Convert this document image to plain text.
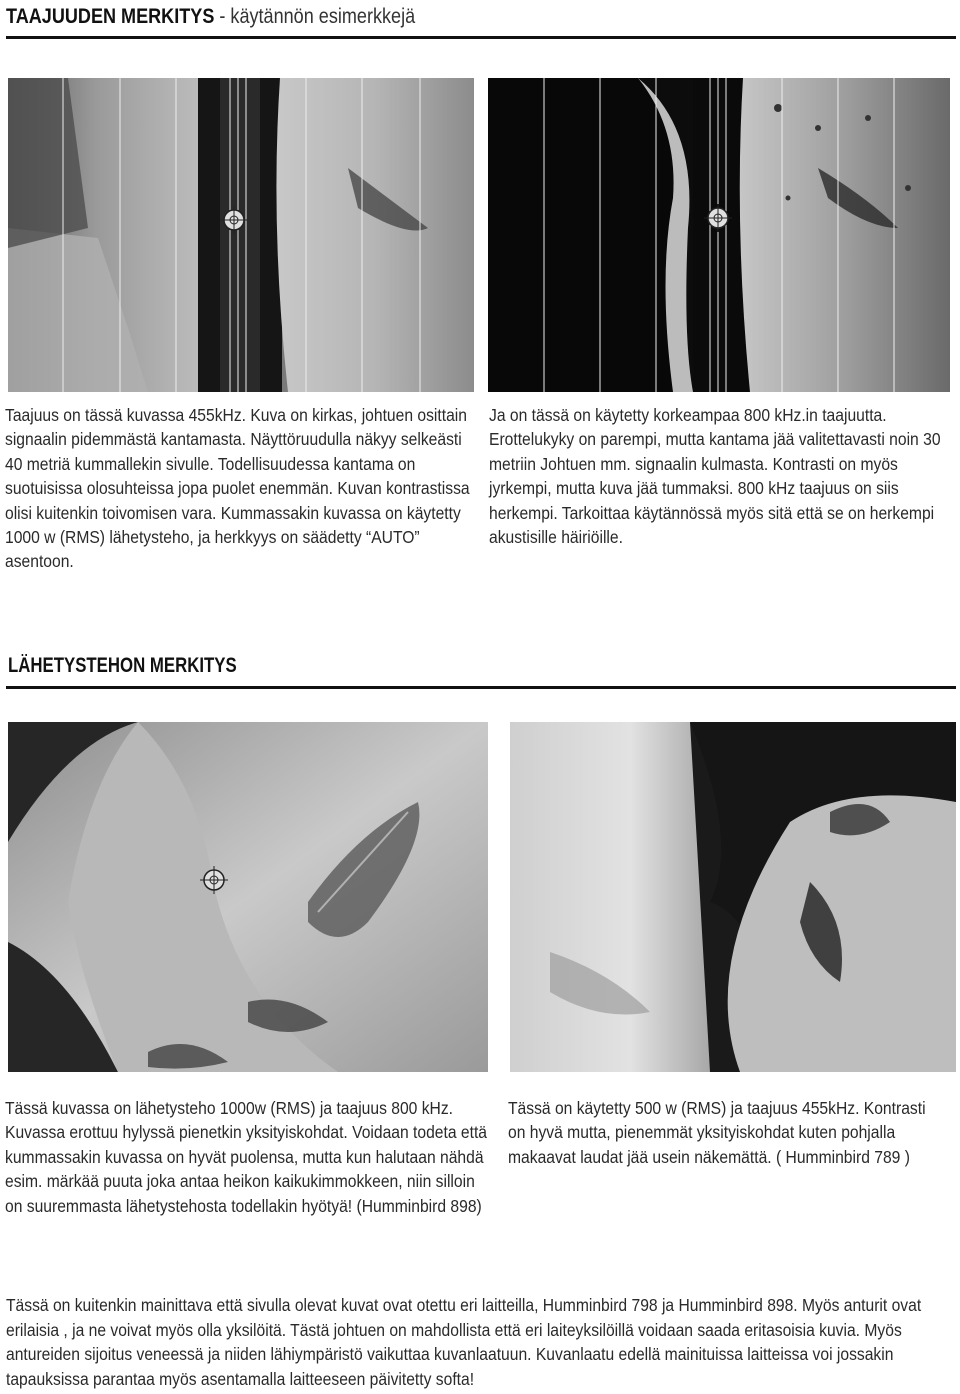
TAAJUUDEN MERKITYS - käytännön esimerkkejä

Taajuus on tässä kuvassa 455kHz. Kuva on kirkas, johtuen osittain signaalin pidemmästä kantamasta. Näyttöruudulla näkyy selkeästi 40 metriä kummallekin sivulle. Todellisuudessa kantama on suotuisissa olosuhteissa jopa puolet enemmän. Kuvan kontrastissa olisi kuitenkin toivomisen vara. Kummassakin kuvassa on käytetty 1000 w (RMS) lähetysteho, ja herkkyys on säädetty “AUTO” asentoon.

Ja on tässä on käytetty korkeampaa 800 kHz.in taajuutta. Erottelukyky on parempi, mutta kantama jää valitettavasti noin 30 metriin Johtuen mm. signaalin kulmasta. Kontrasti on myös jyrkempi, mutta kuva jää tummaksi. 800 kHz taajuus on siis herkempi. Tarkoittaa käytännössä myös sitä että se on herkempi akustisille häiriöille.

LÄHETYSTEHON MERKITYS

Tässä kuvassa on lähetysteho 1000w (RMS) ja taajuus 800 kHz. Kuvassa erottuu hylyssä pienetkin yksityiskohdat. Voidaan todeta että kummassakin kuvassa on hyvät puolensa, mutta kun halutaan nähdä esim. märkää puuta joka antaa heikon kaikukimmokkeen, niin silloin on suuremmasta lähetystehosta todellakin hyötyä! (Humminbird 898)

Tässä on käytetty 500 w (RMS) ja taajuus 455kHz. Kontrasti on hyvä mutta, pienemmät yksityiskohdat kuten pohjalla makaavat laudat jää usein näkemättä. ( Humminbird 789 )

Tässä on kuitenkin mainittava että sivulla olevat kuvat ovat otettu eri laitteilla, Humminbird 798 ja Humminbird 898. Myös anturit ovat erilaisia , ja ne voivat myös olla yksilöitä. Tästä johtuen on mahdollista että eri laiteyksilöillä voidaan saada eritasoisia kuvia. Myös antureiden sijoitus veneessä ja niiden lähiympäristö vaikuttaa kuvanlaatuun. Kuvanlaatu edellä mainituissa laitteissa voi jossakin tapauksissa parantaa myös asentamalla laitteeseen päivitetty softa!
